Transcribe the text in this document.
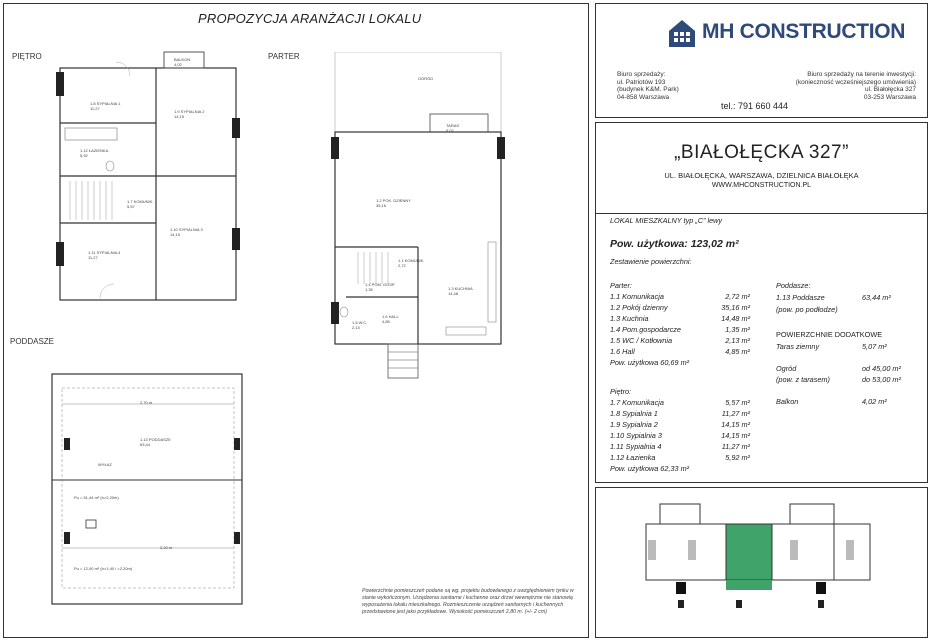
PROPOZYCJA ARANŻACJI LOKALU
PIĘTRO	PARTER
PODDASZE
BALKON
4,02
1.8 SYPIALNIA 1
11,27
1.9 SYPIALNIA 2
14,15
1.12 ŁAZIENKA
5,92
1.7 KOMUNIK.
5,57
1.10 SYPIALNIA 3
14,15
1.11 SYPIALNIA 4
11,27
OGRÓD
TARAS
5,07
1.2 POK. DZIENNY
35,16
1.1 KOMUNIK.
2,72
1.4 POM. GOSP.
1,35	1.3 KUCHNIA
14,48
1.5 W.C.
2,13
1.6 HALL
4,85
1.13 PODDASZE
63,44
WYŁAZ
2,70 m
2,20 m
Pu = 51,44 m² (h>2,20m)
Pu = 12,00 m² (h>1,40 / <2,20m)
Powierzchnie pomieszczeń podane są wg. projektu budowlanego z uwzględnieniem tynku w stanie wykończonym. Urządzenia sanitarne i kuchenne oraz drzwi wewnętrzne nie stanowią wyposażenia lokalu mieszkalnego. Rozmieszczenie urządzeń sanitarnych i kuchennych przedstawione jest jako przykładowe. Wysokość pomieszczeń 2,80 m. (+/- 2 cm)
MH CONSTRUCTION
Biuro sprzedaży:
ul. Patriotów 193
(budynek K&M. Park)
04-858 Warszawa
Biuro sprzedaży na terenie inwestycji:
(konieczność wcześniejszego umówienia)
ul. Białołęcka 327
03-253 Warszawa
tel.: 791 660 444
„BIAŁOŁĘCKA 327”
UL. BIAŁOŁĘCKA, WARSZAWA, DZIELNICA BIAŁOŁĘKA
WWW.MHCONSTRUCTION.PL
LOKAL MIESZKALNY typ „C” lewy
Pow. użytkowa: 123,02 m²
Zestawienie powierzchni:
Parter:
1.1 Komunikacja	2,72 m²
1.2 Pokój dzienny	35,16 m²
1.3 Kuchnia	14,48 m²
1.4 Pom.gospodarcze	1,35 m²
1.5 WC / Kotłownia	2,13 m²
1.6 Hall	4,85 m²
Pow. użytkowa 60,69 m²
Piętro:
1.7 Komunikacja	5,57 m²
1.8 Sypialnia 1	11,27 m²
1.9 Sypialnia 2	14,15 m²
1.10 Sypialnia 3	14,15 m²
1.11 Sypialnia 4	11,27 m²
1.12 Łazienka	5,92 m²
Pow. użytkowa 62,33 m²
Poddasze:
1.13 Poddasze	63,44 m²
(pow. po podłodze)
POWIERZCHNIE DODATKOWE
Taras ziemny	5,07 m²
Ogród	od 45,00 m²
(pow. z tarasem)	do 53,00 m²
Balkon	4,02 m²
